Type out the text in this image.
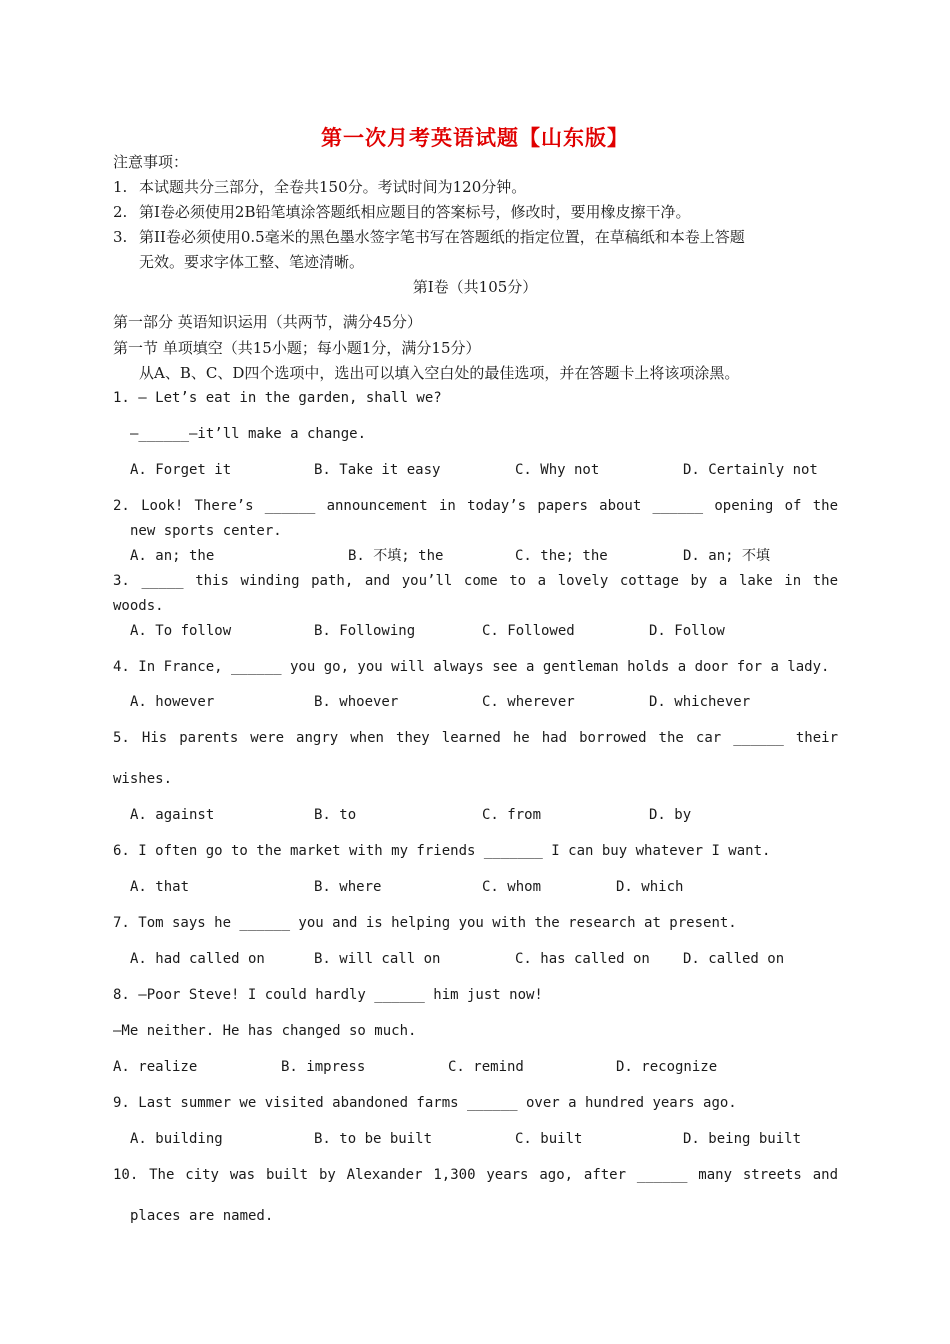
第一次月考英语试题【山东版】
注意事项：
1. 本试题共分三部分，全卷共150分。考试时间为120分钟。
2. 第I卷必须使用2B铅笔填涂答题纸相应题目的答案标号，修改时，要用橡皮擦干净。
3. 第II卷必须使用0.5毫米的黑色墨水签字笔书写在答题纸的指定位置，在草稿纸和本卷上答题
无效。要求字体工整、笔迹清晰。
第I卷（共105分）
第一部分 英语知识运用（共两节，满分45分）
第一节 单项填空（共15小题；每小题1分，满分15分）
从A、B、C、D四个选项中，选出可以填入空白处的最佳选项，并在答题卡上将该项涂黑。
1. — Let’s eat in the garden, shall we?
—______—it’ll make a change.
A. Forget it	B. Take it easy	C. Why not	D. Certainly not
2. Look! There’s ______ announcement in today’s papers about ______ opening of the
new sports center.
A. an; the	B. 不填; the	C. the; the	D. an; 不填
3. _____ this winding path, and you’ll come to a lovely cottage by a lake in the
woods.
A. To follow	B. Following	C. Followed	D. Follow
4. In France, ______ you go, you will always see a gentleman holds a door for a lady.
A. however	B. whoever	C. wherever	D. whichever
5. His parents were angry when they learned he had borrowed the car ______ their
wishes.
A. against	B. to	C. from	D. by
6. I often go to the market with my friends _______ I can buy whatever I want.
A. that	B. where	C. whom	D. which
7. Tom says he ______ you and is helping you with the research at present.
A. had called on	B. will call on	C. has called on D. called on
8. —Poor Steve! I could hardly ______ him just now!
—Me neither. He has changed so much.
A. realize	B. impress	C. remind	D. recognize
9. Last summer we visited abandoned farms ______ over a hundred years ago.
A. building	B. to be built	C. built	D. being built
10. The city was built by Alexander 1,300 years ago, after ______ many streets and
places are named.
